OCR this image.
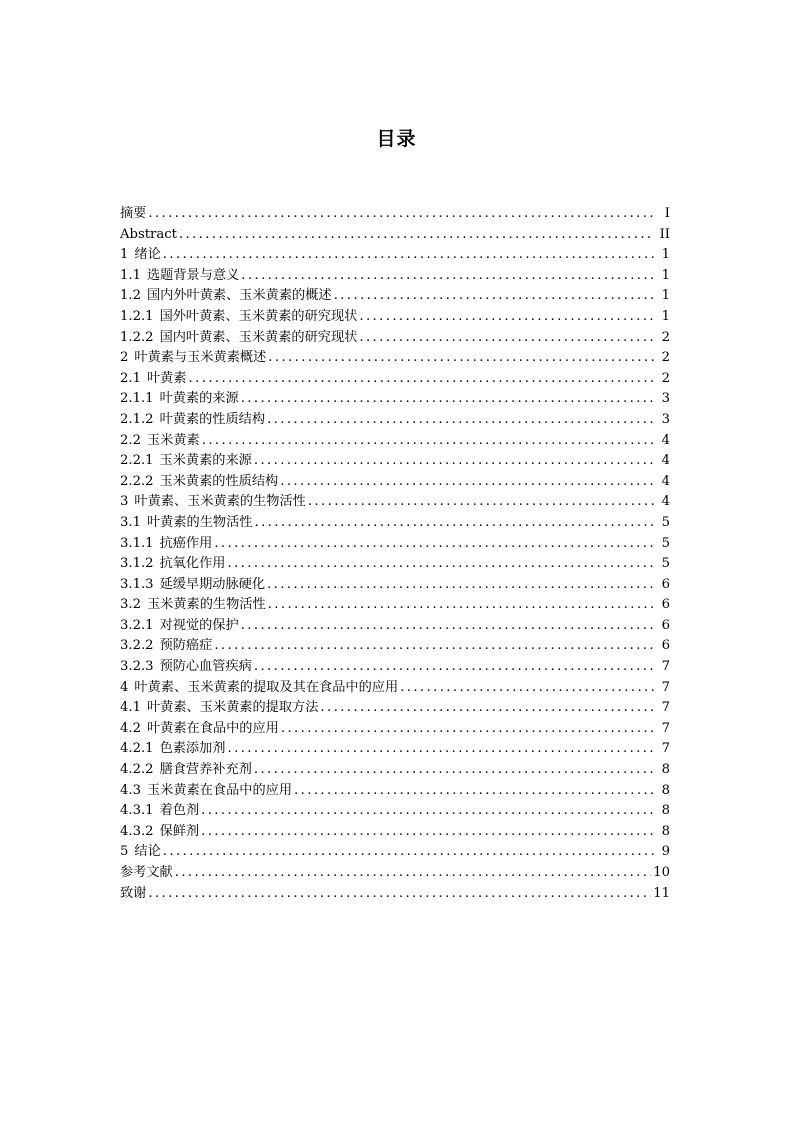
目录
摘要 .....	I
Abstract .....	II
1 绪论 .....	1
1.1 选题背景与意义 .....	1
1.2 国内外叶黄素、玉米黄素的概述 .....	1
1.2.1 国外叶黄素、玉米黄素的研究现状 .....	1
1.2.2 国内叶黄素、玉米黄素的研究现状 .....	2
2 叶黄素与玉米黄素概述 .....	2
2.1 叶黄素 .....	2
2.1.1 叶黄素的来源 .....	3
2.1.2 叶黄素的性质结构 .....	3
2.2 玉米黄素 .....	4
2.2.1 玉米黄素的来源 .....	4
2.2.2 玉米黄素的性质结构 .....	4
3 叶黄素、玉米黄素的生物活性 .....	4
3.1 叶黄素的生物活性 .....	5
3.1.1 抗癌作用 .....	5
3.1.2 抗氧化作用 .....	5
3.1.3 延缓早期动脉硬化 .....	6
3.2 玉米黄素的生物活性 .....	6
3.2.1 对视觉的保护 .....	6
3.2.2 预防癌症 .....	6
3.2.3 预防心血管疾病 .....	7
4 叶黄素、玉米黄素的提取及其在食品中的应用 .....	7
4.1 叶黄素、玉米黄素的提取方法 .....	7
4.2 叶黄素在食品中的应用 .....	7
4.2.1 色素添加剂 .....	7
4.2.2 膳食营养补充剂 .....	8
4.3 玉米黄素在食品中的应用 .....	8
4.3.1 着色剂 .....	8
4.3.2 保鲜剂 .....	8
5 结论 .....	9
参考文献 .....	10
致谢 .....	11
